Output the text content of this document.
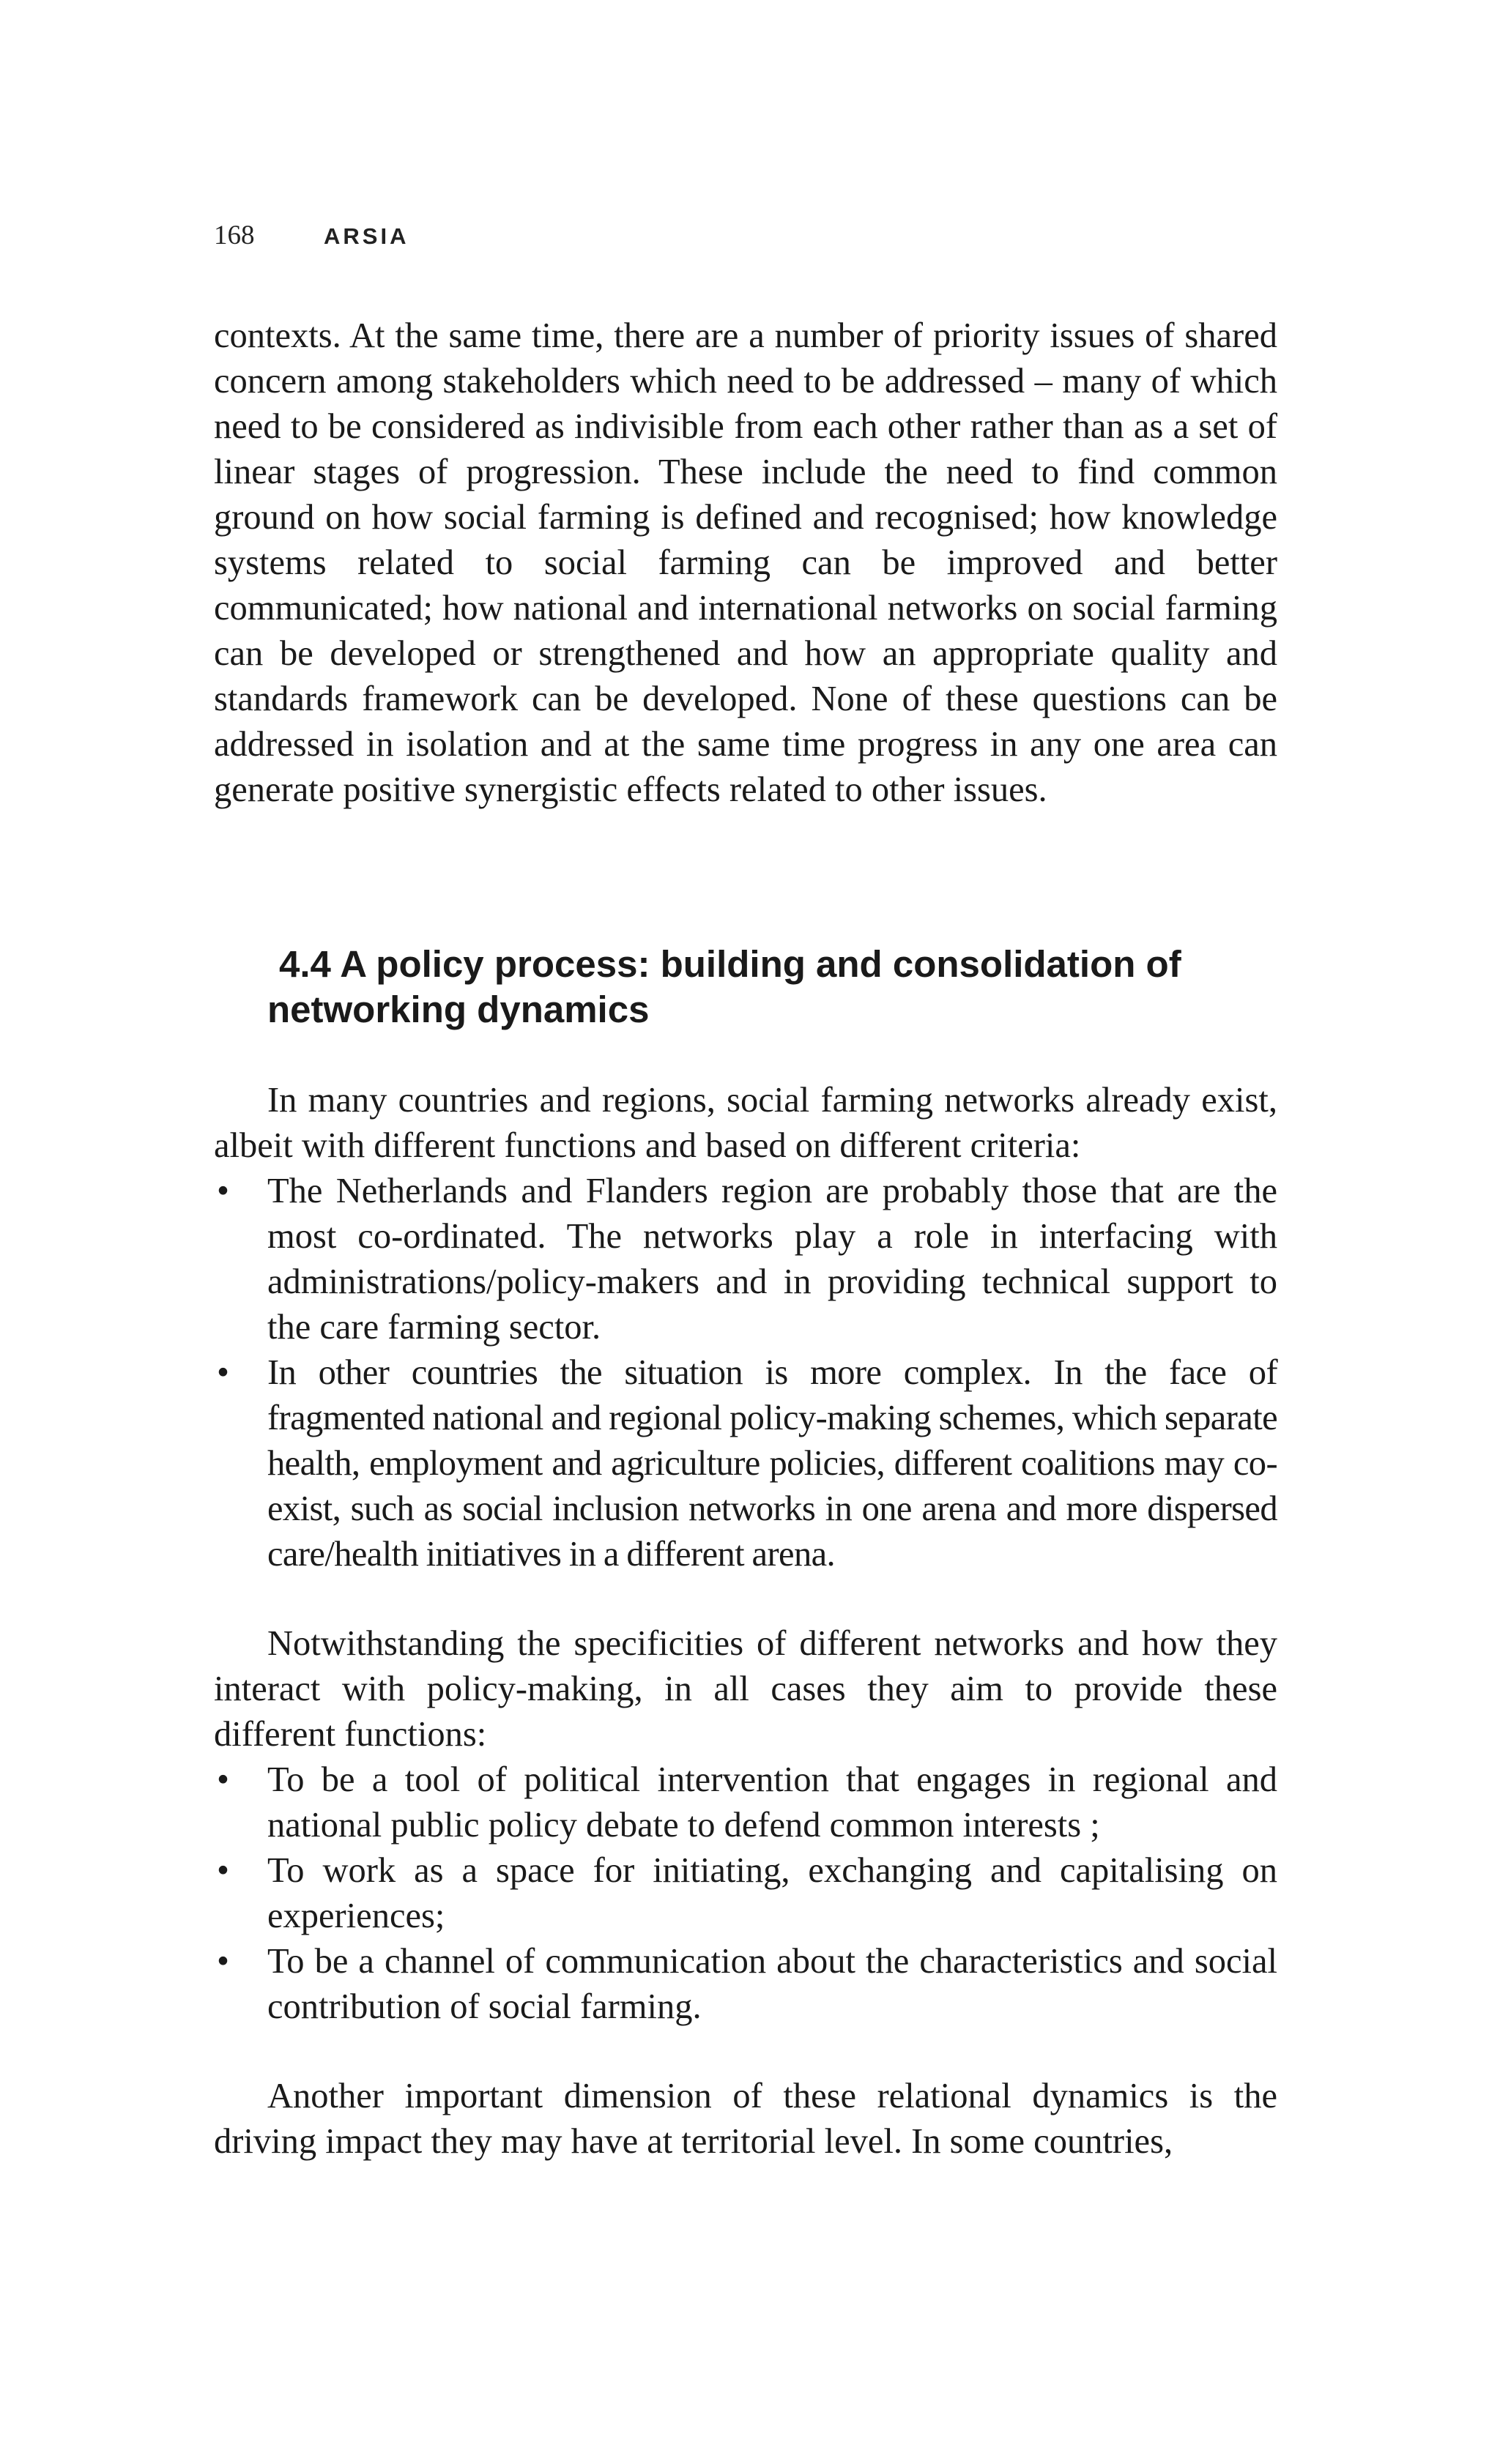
168	ARSIA

contexts. At the same time, there are a number of priority issues of shared concern among stakeholders which need to be addressed – many of which need to be considered as indivisible from each other rather than as a set of linear stages of progression. These include the need to find common ground on how social farming is defined and recognised; how knowledge systems related to social farming can be improved and better communicated; how national and international networks on social farming can be developed or strengthened and how an appropriate quality and standards framework can be developed. None of these questions can be addressed in isolation and at the same time progress in any one area can generate positive synergistic effects related to other issues.

4.4 A policy process: building and consolidation of networking dynamics

In many countries and regions, social farming networks already exist, albeit with different functions and based on different criteria:

• The Netherlands and Flanders region are probably those that are the most co-ordinated. The networks play a role in interfacing with administrations/policy-makers and in providing technical support to the care farming sector.
• In other countries the situation is more complex. In the face of fragmented national and regional policy-making schemes, which separate health, employment and agriculture policies, different coalitions may co-exist, such as social inclusion networks in one arena and more dispersed care/health initiatives in a different arena.

Notwithstanding the specificities of different networks and how they interact with policy-making, in all cases they aim to provide these different functions:

• To be a tool of political intervention that engages in regional and national public policy debate to defend common interests ;
• To work as a space for initiating, exchanging and capitalising on experiences;
• To be a channel of communication about the characteristics and social contribution of social farming.

Another important dimension of these relational dynamics is the driving impact they may have at territorial level. In some countries,
